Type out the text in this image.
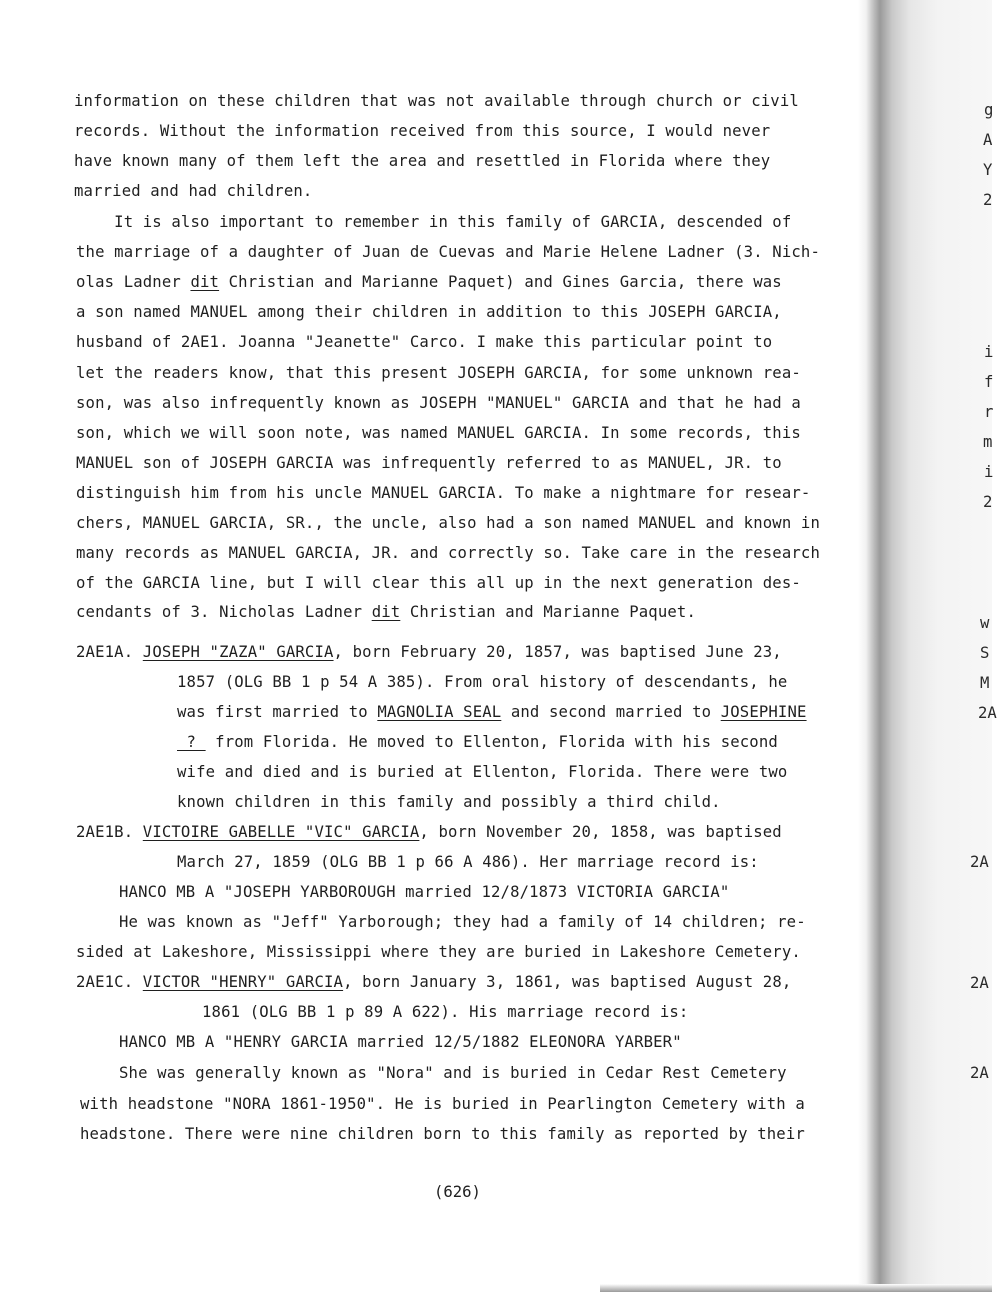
information on these children that was not available through church or civil
records. Without the information received from this source, I would never
have known many of them left the area and resettled in Florida where they
married and had children.
It is also important to remember in this family of GARCIA, descended of
the marriage of a daughter of Juan de Cuevas and Marie Helene Ladner (3. Nich-
olas Ladner dit Christian and Marianne Paquet) and Gines Garcia, there was
a son named MANUEL among their children in addition to this JOSEPH GARCIA,
husband of 2AE1. Joanna "Jeanette" Carco. I make this particular point to
let the readers know, that this present JOSEPH GARCIA, for some unknown rea-
son, was also infrequently known as JOSEPH "MANUEL" GARCIA and that he had a
son, which we will soon note, was named MANUEL GARCIA. In some records, this
MANUEL son of JOSEPH GARCIA was infrequently referred to as MANUEL, JR. to
distinguish him from his uncle MANUEL GARCIA. To make a nightmare for resear-
chers, MANUEL GARCIA, SR., the uncle, also had a son named MANUEL and known in
many records as MANUEL GARCIA, JR. and correctly so. Take care in the research
of the GARCIA line, but I will clear this all up in the next generation des-
cendants of 3. Nicholas Ladner dit Christian and Marianne Paquet.
2AE1A. JOSEPH "ZAZA" GARCIA, born February 20, 1857, was baptised June 23,
1857 (OLG BB 1 p 54 A 385). From oral history of descendants, he
was first married to MAGNOLIA SEAL and second married to JOSEPHINE
?  from Florida. He moved to Ellenton, Florida with his second
wife and died and is buried at Ellenton, Florida. There were two
known children in this family and possibly a third child.
2AE1B. VICTOIRE GABELLE "VIC" GARCIA, born November 20, 1858, was baptised
March 27, 1859 (OLG BB 1 p 66 A 486). Her marriage record is:
HANCO MB A "JOSEPH YARBOROUGH married 12/8/1873 VICTORIA GARCIA"
He was known as "Jeff" Yarborough; they had a family of 14 children; re-
sided at Lakeshore, Mississippi where they are buried in Lakeshore Cemetery.
2AE1C. VICTOR "HENRY" GARCIA, born January 3, 1861, was baptised August 28,
1861 (OLG BB 1 p 89 A 622). His marriage record is:
HANCO MB A "HENRY GARCIA married 12/5/1882 ELEONORA YARBER"
She was generally known as "Nora" and is buried in Cedar Rest Cemetery
with headstone "NORA 1861-1950". He is buried in Pearlington Cemetery with a
headstone. There were nine children born to this family as reported by their
(626)
g
A
Y
2
i
f
r
m
i
2
w
S
M
2A
2A
2A
2A
